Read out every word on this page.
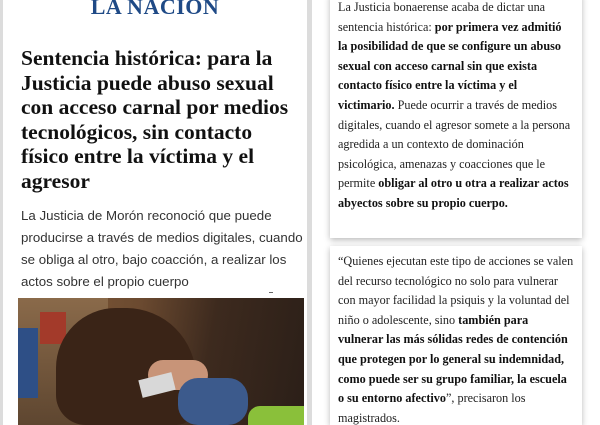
LA NACION
Sentencia histórica: para la Justicia puede abuso sexual con acceso carnal por medios tecnológicos, sin contacto físico entre la víctima y el agresor

La Justicia de Morón reconoció que puede producirse a través de medios digitales, cuando se obliga al otro, bajo coacción, a realizar los actos sobre el propio cuerpo

La Justicia bonaerense acaba de dictar una sentencia histórica: por primera vez admitió la posibilidad de que se configure un abuso sexual con acceso carnal sin que exista contacto físico entre la víctima y el victimario. Puede ocurrir a través de medios digitales, cuando el agresor somete a la persona agredida a un contexto de dominación psicológica, amenazas y coacciones que le permite obligar al otro u otra a realizar actos abyectos sobre su propio cuerpo.

“Quienes ejecutan este tipo de acciones se valen del recurso tecnológico no solo para vulnerar con mayor facilidad la psiquis y la voluntad del niño o adolescente, sino también para vulnerar las más sólidas redes de contención que protegen por lo general su indemnidad, como puede ser su grupo familiar, la escuela o su entorno afectivo”, precisaron los magistrados.
